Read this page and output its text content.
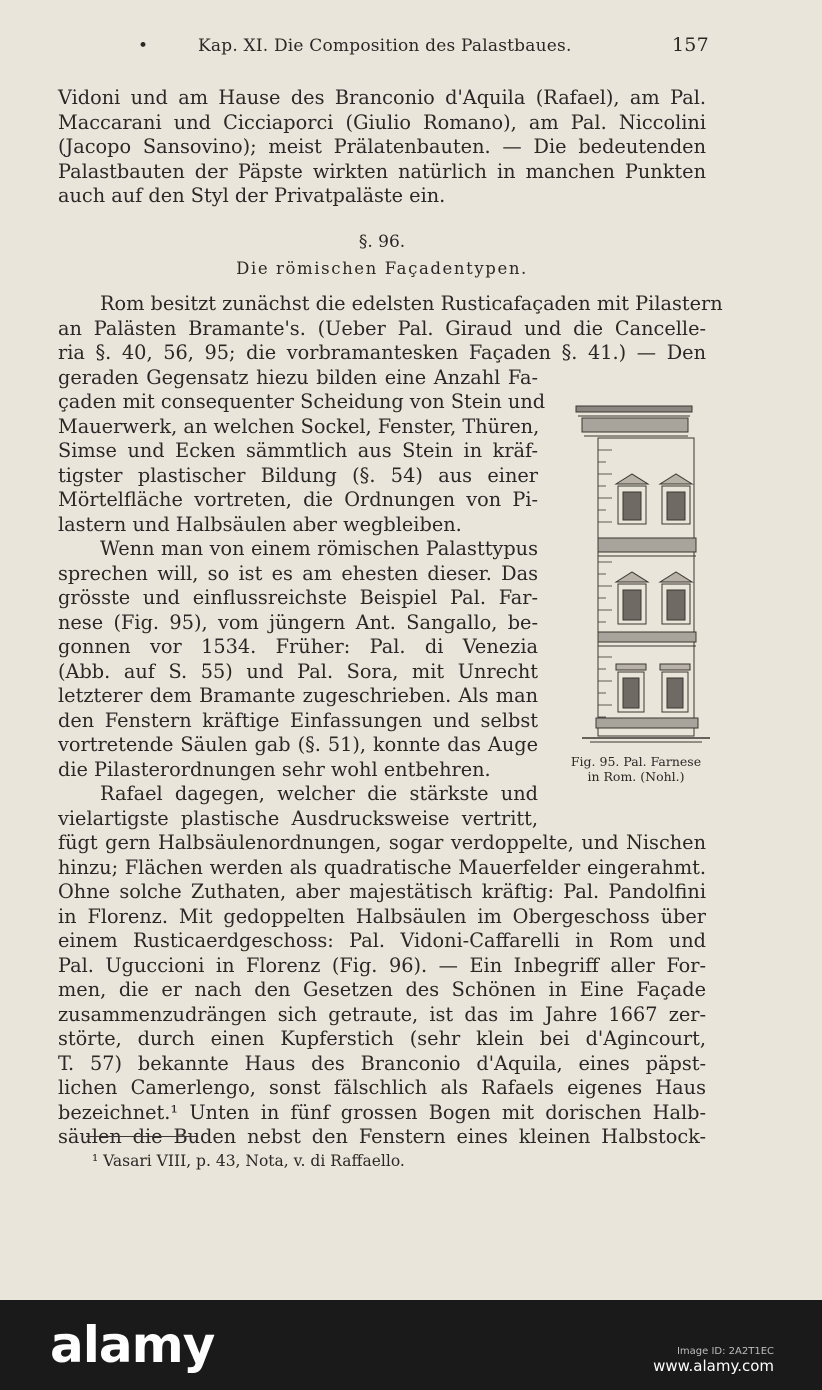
•	Kap. XI. Die Composition des Palastbaues.	157
Vidoni und am Hause des Branconio d'Aquila (Rafael), am Pal.
Maccarani und Cicciaporci (Giulio Romano), am Pal. Niccolini
(Jacopo Sansovino); meist Prälatenbauten. — Die bedeutenden
Palastbauten der Päpste wirkten natürlich in manchen Punkten
auch auf den Styl der Privatpaläste ein.
§. 96.
Die römischen Façadentypen.
Rom besitzt zunächst die edelsten Rusticafaçaden mit Pilastern
an Palästen Bramante's. (Ueber Pal. Giraud und die Cancelle-
ria §. 40, 56, 95; die vorbramantesken Façaden §. 41.) — Den
geraden Gegensatz hiezu bilden eine Anzahl Fa-
çaden mit consequenter Scheidung von Stein und
Mauerwerk, an welchen Sockel, Fenster, Thüren,
Simse und Ecken sämmtlich aus Stein in kräf-
tigster plastischer Bildung (§. 54) aus einer
Mörtelfläche vortreten, die Ordnungen von Pi-
lastern und Halbsäulen aber wegbleiben.
Wenn man von einem römischen Palasttypus
sprechen will, so ist es am ehesten dieser. Das
grösste und einflussreichste Beispiel Pal. Far-
nese (Fig. 95), vom jüngern Ant. Sangallo, be-
gonnen vor 1534. Früher: Pal. di Venezia
(Abb. auf S. 55) und Pal. Sora, mit Unrecht
letzterer dem Bramante zugeschrieben. Als man
den Fenstern kräftige Einfassungen und selbst
vortretende Säulen gab (§. 51), konnte das Auge
die Pilasterordnungen sehr wohl entbehren.
Rafael dagegen, welcher die stärkste und
vielartigste plastische Ausdrucksweise vertritt,
fügt gern Halbsäulenordnungen, sogar verdoppelte, und Nischen
hinzu; Flächen werden als quadratische Mauerfelder eingerahmt.
Ohne solche Zuthaten, aber majestätisch kräftig: Pal. Pandolfini
in Florenz. Mit gedoppelten Halbsäulen im Obergeschoss über
einem Rusticaerdgeschoss: Pal. Vidoni-Caffarelli in Rom und
Pal. Uguccioni in Florenz (Fig. 96). — Ein Inbegriff aller For-
men, die er nach den Gesetzen des Schönen in Eine Façade
zusammenzudrängen sich getraute, ist das im Jahre 1667 zer-
störte, durch einen Kupferstich (sehr klein bei d'Agincourt,
T. 57) bekannte Haus des Branconio d'Aquila, eines päpst-
lichen Camerlengo, sonst fälschlich als Rafaels eigenes Haus
bezeichnet.¹ Unten in fünf grossen Bogen mit dorischen Halb-
säulen die Buden nebst den Fenstern eines kleinen Halbstock-
Fig. 95. Pal. Farnese
in Rom. (Nohl.)
¹ Vasari VIII, p. 43, Nota, v. di Raffaello.
alamy	Image ID: 2A2T1EC
www.alamy.com
